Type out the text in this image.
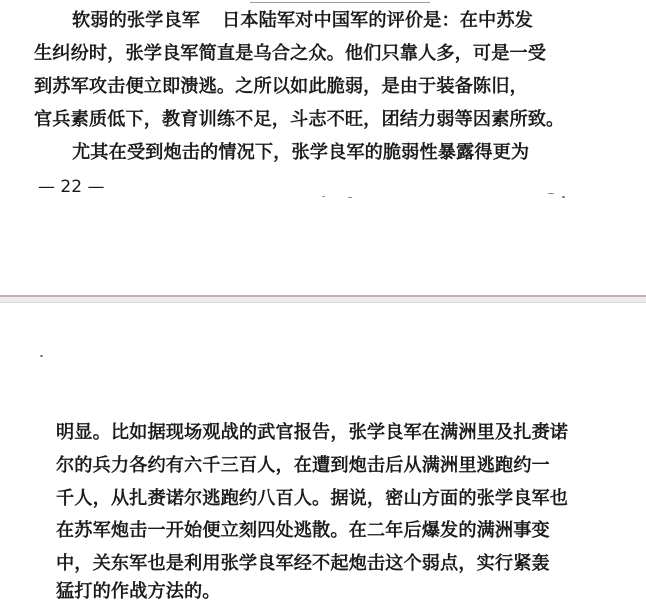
软弱的张学良军 日本陆军对中国军的评价是：在中苏发
生纠纷时，张学良军简直是乌合之众。他们只靠人多，可是一受
到苏军攻击便立即溃逃。之所以如此脆弱，是由于装备陈旧，
官兵素质低下，教育训练不足，斗志不旺，团结力弱等因素所致。
尤其在受到炮击的情况下，张学良军的脆弱性暴露得更为
— 22 —
明显。比如据现场观战的武官报告，张学良军在满洲里及扎赉诺
尔的兵力各约有六千三百人，在遭到炮击后从满洲里逃跑约一
千人，从扎赉诺尔逃跑约八百人。据说，密山方面的张学良军也
在苏军炮击一开始便立刻四处逃散。在二年后爆发的满洲事变
中，关东军也是利用张学良军经不起炮击这个弱点，实行紧轰
猛打的作战方法的。
